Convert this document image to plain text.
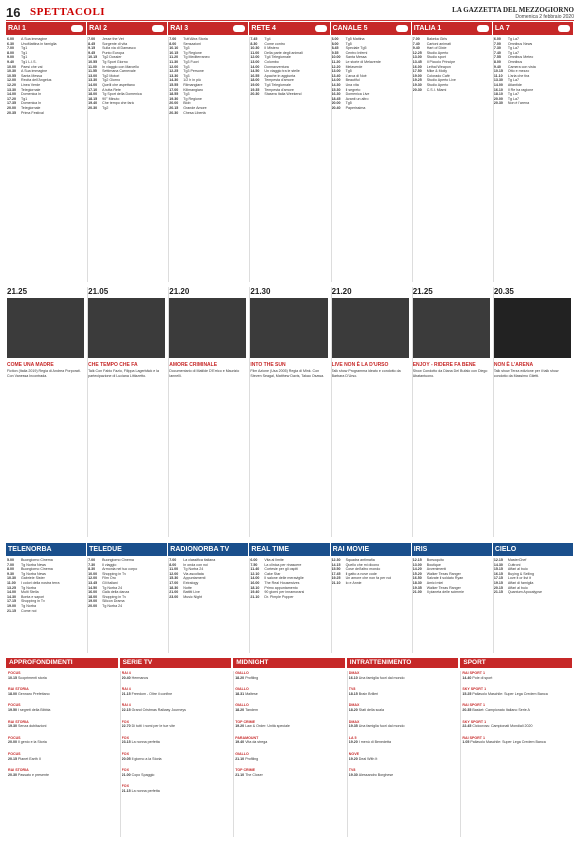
16 SPETTACOLI	LA GAZZETTA DEL MEZZOGIORNO
Domenica 2 febbraio 2020
RAI 1	RAI 2	RAI 3	RETE 4	CANALE 5	ITALIA 1	LA 7
6.00	A Sua immagine
6.30	UnoMattina in famiglia
7.00	Tg1
8.00	Tg1
9.00	Tg1
9.40	Tg1 L.I.S.
10.00	Paesi che vai
10.30	A Sua immagine
10.55	Santa Messa
12.00	Recita dell'Angelus
12.20	Linea Verde
13.30	Telegiornale
14.00	Domenica In
17.20	Tg1
17.35	Domenica In
20.00	Telegiornale
20.35	Prima Festival
7.00	Jesse the Vet
8.45	Sorgente di vita
9.15	Sulla via di Damasco
9.45	Punto Europa
10.15	Tg2 Dossier
10.55	Tg Sport Giorno
11.00	In viaggio con Marcello
11.55	Settimana Carnevale
13.00	Tg2 Motori
13.30	Tg2 Giorno
14.00	Quelli che aspettano
17.10	A tutta Rete
18.00	Tg Sport della Domenica
18.15	90° Minuto
19.40	Che tempo che farà
20.30	Tg2
7.00	Tutt'Altra Storia
8.00	Sensazioni
10.10	Tg3
10.15	Tg Regione
11.20	Tg Mediterraneo
11.30	Tg3 Fuori
12.00	Tg3
12.25	Tg3 Persone
13.30	Tg3
14.30	1/2 h in più
15.55	Rilmangiare
17.00	Kilimangiaro
18.55	Tg3
19.30	Tg Regione
20.00	Blob
20.15	Grande Amore
20.30	Chesa Libertà
7.45	Tg4
8.30	Come contro
10.30	Il Mistero
11.00	Della parte degli animali
12.00	Tg4 Telegiornale
13.00	Colombo
14.00	Donnavventura
14.50	Un viaggio tra le stelle
16.55	Apache in aggiunta
18.00	Tempesta d'amore
19.00	Tg4 Telegiornale
19.35	Tempesta d'amore
20.30	Stasera Italia Weekend
6.00	Tg5 Mattina
8.00	Tg5
8.45	Speciale Tg5
9.35	Centro Inferni
10.00	Santa Messa
11.20	Le storie di Melaverde
12.20	Melaverde
13.00	Tg5
13.40	L'arca di Noè
14.00	Beautiful
14.30	Una vita
15.30	Il segreto
16.30	Domenica Live
18.45	Avanti un altro
20.00	Tg5
20.40	Paperissima
7.00	Bakeka Girls
7.40	Cartoni animati
9.40	Hart of Dixie
12.25	Studio Aperto
13.00	Studio sport
13.45	Il Piccolo Principe
16.00	Lethal Weapon
17.50	Mike & Molly
19.00	Colorado Cafè
19.25	Studio Aperto Live
19.30	Studio Aperto
20.30	C.S.I. Miami
6.00	Tg La7
7.00	Omnibus News
7.30	Tg La7
7.40	Tg La7
7.55	Omnibus Meteo
8.00	Omnibus
9.40	Camera con vista
10.15	Otto e mezzo
11.10	L'aria che tira
13.30	Tg La7
14.00	Atlantide
16.10	Il Re ha ragione
18.10	Tg La7
20.00	Tg La7
20.30	Non è l'arena
21.25
COME UNA MADRE
Fiction (Italia 2019) Regia di Andrea Porporati. Con Vanessa Incontrada.
21.05
CHE TEMPO CHE FA
Talk Con Fabio Fazio, Filippa Lagerbäck e la partecipazione di Luciana Littizzetto.
21.20
AMORE CRIMINALE
Documentario di Matilde D'Errico e Maurizio Iannelli.
21.30
INTO THE SUN
Film Azione (Usa 2005) Regia di Mink. Con Steven Seagal, Matthew Davis, Takao Osawa.
21.20
LIVE NON È LA D'URSO
Talk show Programma ideato e condotto da Barbara D'Urso.
21.25
ENJOY - RIDERE FA BENE
Show Condotto da Diana Del Bufalo con Diego Abatantuono.
20.35
NON È L'ARENA
Talk show Terza edizione per il talk show condotto da Massimo Giletti.
TELENORBA	TELEDUE	RADIONORBA TV	REAL TIME	RAI MOVIE	IRIS	CIELO
5.00	Buongiorno Cinema
7.00	Tg Norba News
8.00	Buongiorno Cinema
9.30	Tg Norba News
10.30	Gabriele Sister
11.00	I colori della nostra terra
13.25	Tg Norba
14.00	Multi Stella
14.30	Bonta e sapori
17.15	Shopping in Tv
19.00	Tg Norba
21.15	Come noi
7.00	Buongiorno Cinema
7.30	Il viaggio
8.30	Armonia nel tuo corpo
10.00	Shopping in Tv
12.00	Film Oro
13.45	Gli italiani
14.50	Tg Norba 24
16.00	Galà della danza
18.00	Shopping in Tv
19.00	Silicon Drama
20.00	Tg Norba 24
7.00	La classifica italiana
8.00	In onda con noi
11.00	Tg Norba 24
12.00	Via ascoltata
15.30	Appuntamenti
17.00	Extralogy
18.30	Notte
21.00	Battiti Live
23.00	Music Night
6.00	Vita al limite
7.50	La clinica per rinascere
11.40	Cortesie per gli ospiti
12.10	Cake Star
14.00	Il salone delle meraviglie
16.00	The Real Housewives
18.10	Primo appuntamento
19.40	90 giorni per innamorarsi
21.10	Dr. Pimple Popper
12.30	Squadra antimafia
14.15	Quello che mi dicono
15.50	Cose dell'altro mondo
17.45	Il gatto a nove code
19.25	Un amore che non fa per noi
21.10	Io e Annie
12.15	Borsoquito
13.00	Boutique
14.20	Avvenimenti
15.20	Walker Texas Ranger
16.50	Salvate il soldato Ryan
18.30	Amici miei
19.35	Walker Texas Ranger
21.00	Il pianeta delle scimmie
12.15	MasterChef
14.30	Cuttroni
15.15	Affari al buio
16.15	Buying & Selling
17.15	Love it or list it
19.15	Affari di famiglia
20.15	Affari al buio
21.15	Quantum Apocalypse
APPROFONDIMENTI	SERIE TV	MIDNIGHT	INTRATTENIMENTO	SPORT
FOCUS
10.15 Scoprimenti storia
RAI STORIA
18.00 Gennaro Prefettano
FOCUS
19.50 I segreti della Bibbia
RAI STORIA
19.30 Senza dubitazioni
FOCUS
20.00 Il genio e la Storia
FOCUS
20.15 Planet Earth II
RAI STORIA
20.30 Passato e presente
RAI 4
20.40 Hermanos
RAI 4
21.15 Freedom - Oltre il confine
RAI 4
22.15 Grand Cristmas Railway Journeys
FOX
22.70 Di tutti i nomi per le tue vite
FOX
23.15 La nonna perfetta
FOX
20.05 Il giorno a la Storia
FOX
21.00 Copo Spaggio
FOX
21.15 La nonna perfetta
GIALLO
18.20 Profiling
GIALLO
18.31 Maltese
GIALLO
18.20 Tandem
TOP CRIME
19.20 Law & Order: Unità speciale
PARAMOUNT
19.40 Vita da strega
GIALLO
21.10 Profiling
TOP CRIME
21.10 The Closer
DMAX
16.10 Una famiglia fuori dal mondo
TV8
18.15 Brain Brilleri
DMAX
18.20 Stati della scala
DMAX
19.35 Una famiglia fuori dal mondo
LA 5
19.20 I menù di Benedetta
NOVE
19.20 Deal With It
TV8
19.30 Alessandro Borghese
RAI SPORT 1
14.40 Pole di sport
SKY SPORT 1
15.25 Pallavolo Maschile: Super Lega Credem Banca
RAI SPORT 1
20.35 Basket: Campionato Italiano Serie A
SKY SPORT 1
22.45 Ciclocross: Campionati Mondiali 2020
RAI SPORT 1
1.05 Pallavolo Maschile: Super Lega Credem Banca
